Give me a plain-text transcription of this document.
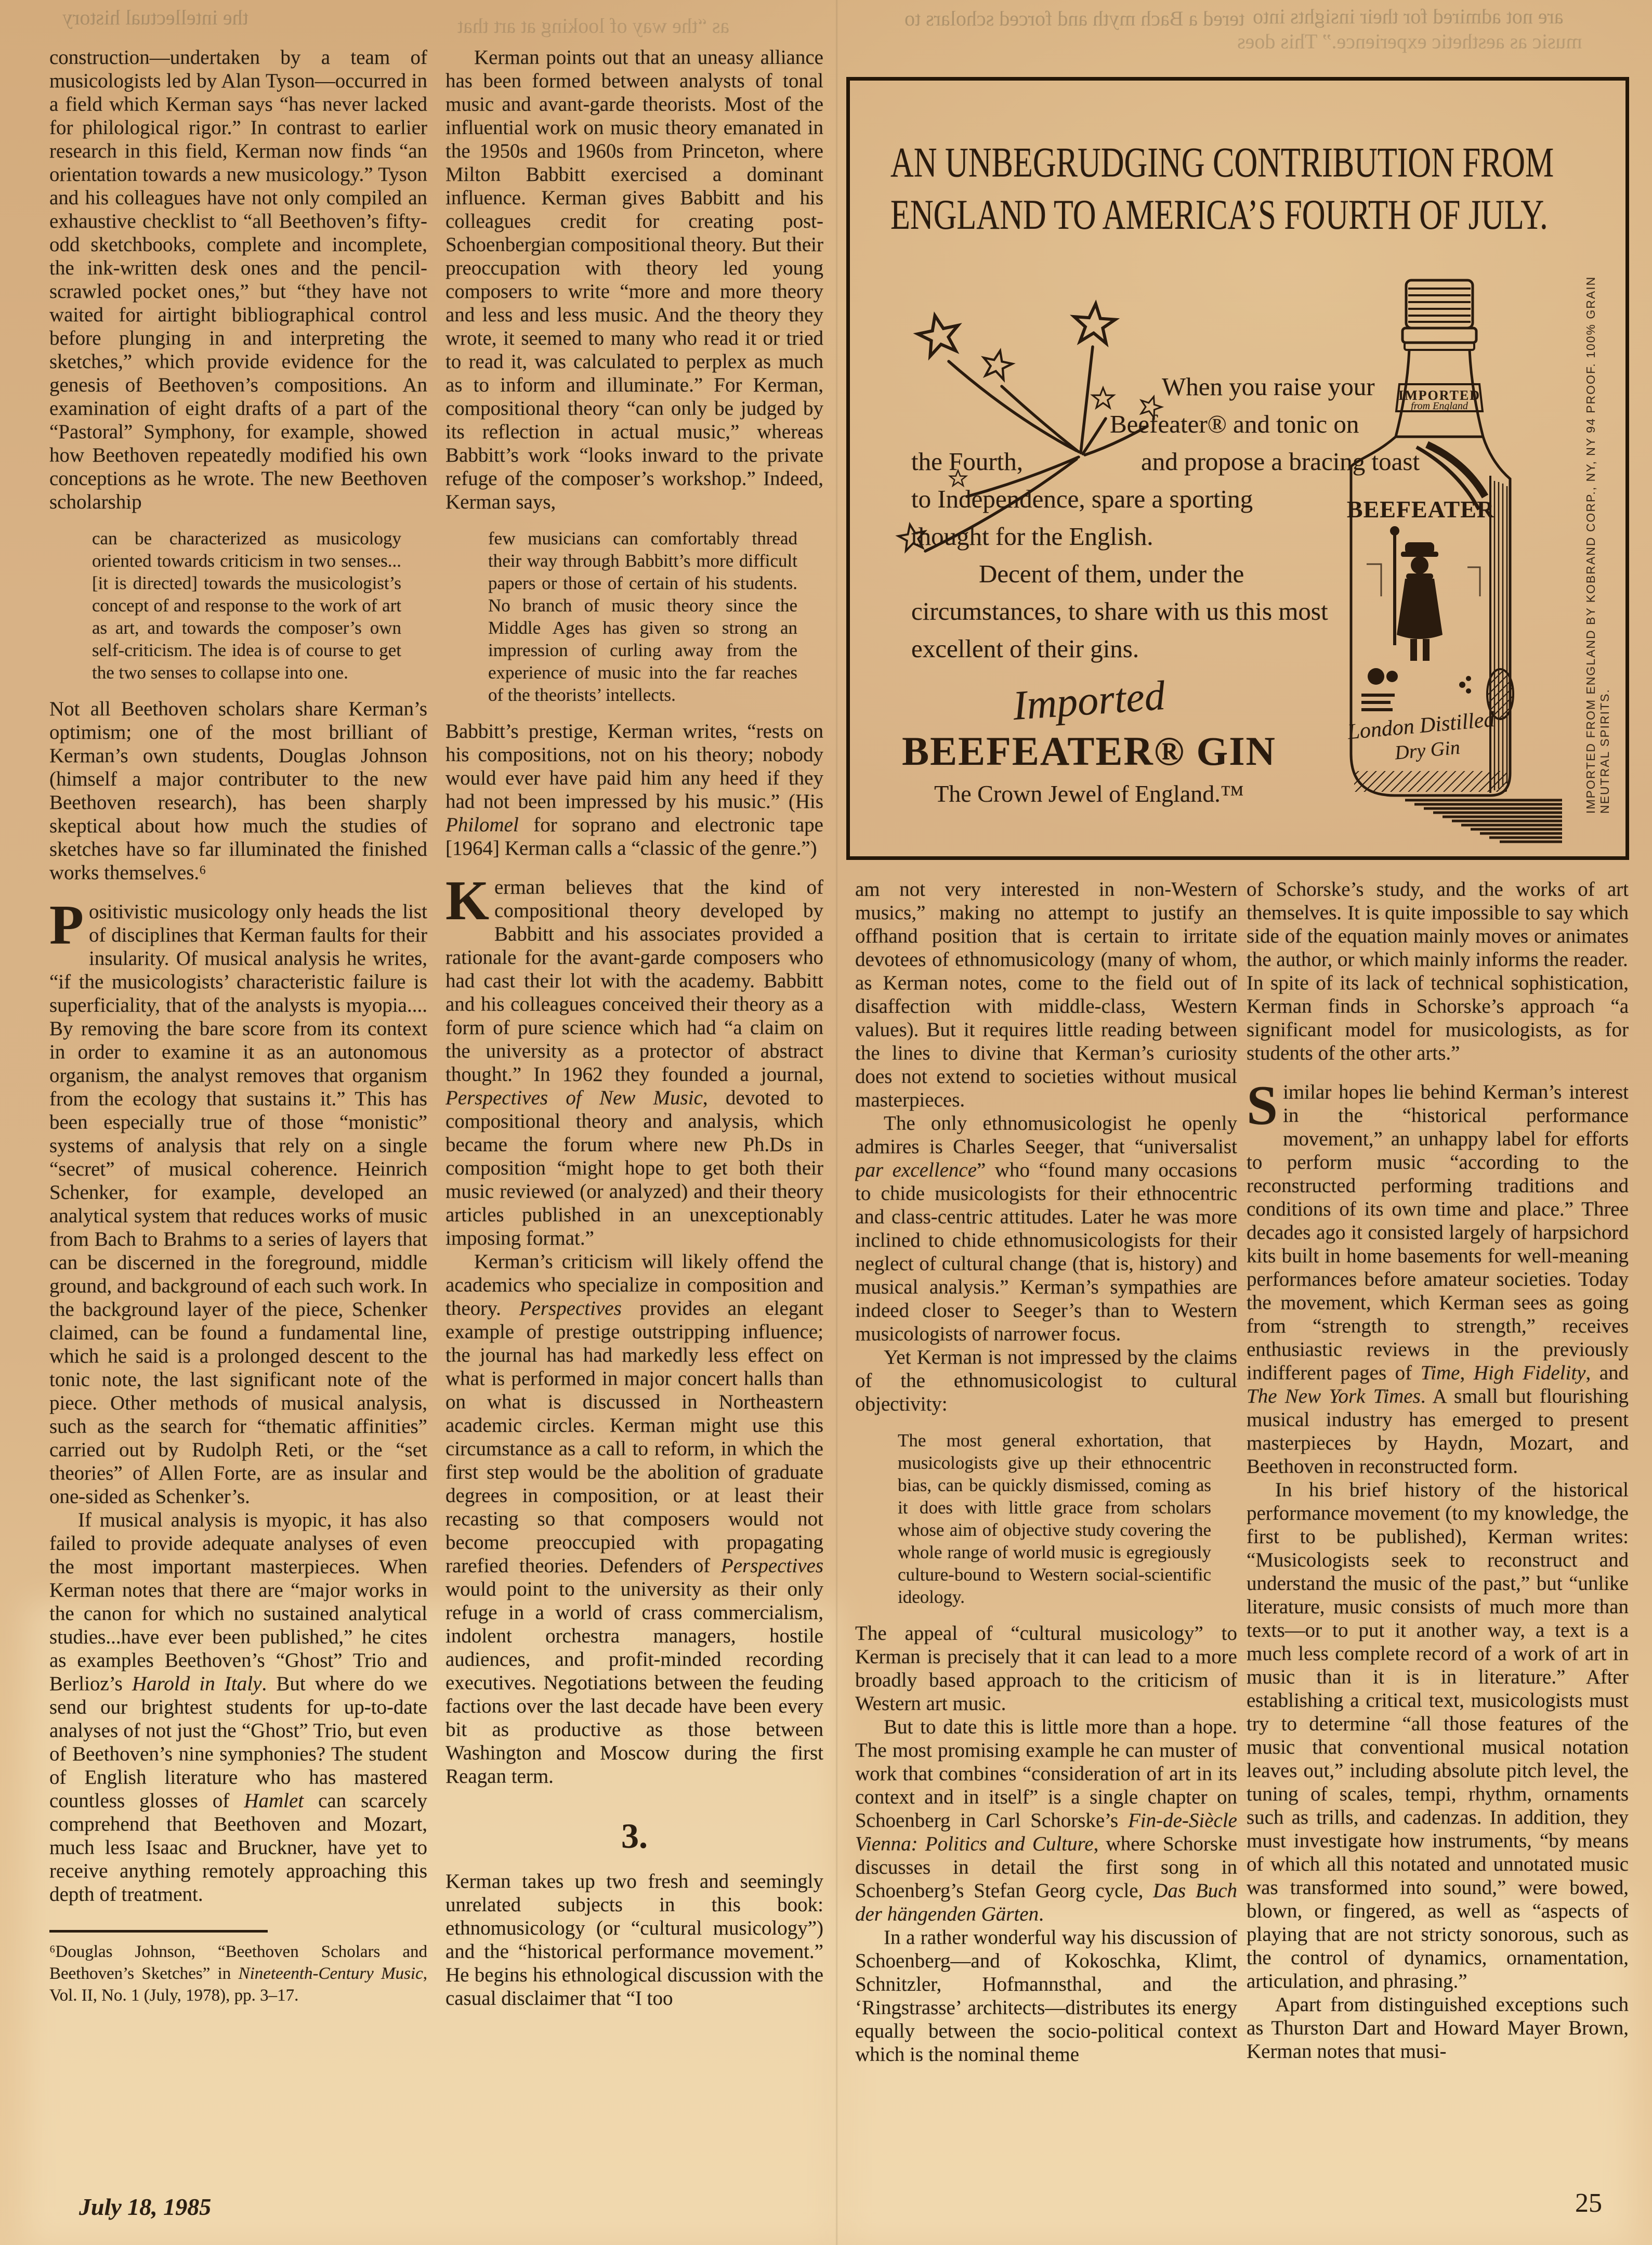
the intellectual history	as “the way of looking at art that	tered a Bach myth and forced scholars to are not admired for their insights into
music as aesthetic experience.” This does

construction—undertaken by a team of musicologists led by Alan Tyson—occurred in a field which Kerman says “has never lacked for philological rigor.” In contrast to earlier research in this field, Kerman now finds “an orientation towards a new musicology.” Tyson and his colleagues have not only compiled an exhaustive checklist to “all Beethoven’s fifty-odd sketchbooks, complete and incomplete, the ink-written desk ones and the pencil-scrawled pocket ones,” but “they have not waited for airtight bibliographical control before plunging in and interpreting the sketches,” which provide evidence for the genesis of Beethoven’s compositions. An examination of eight drafts of a part of the “Pastoral” Symphony, for example, showed how Beethoven repeatedly modified his own conceptions as he wrote. The new Beethoven scholarship

can be characterized as musicology oriented towards criticism in two senses...[it is directed] towards the musicologist’s concept of and response to the work of art as art, and towards the composer’s own self-criticism. The idea is of course to get the two senses to collapse into one.

Not all Beethoven scholars share Kerman’s optimism; one of the most brilliant of Kerman’s own students, Douglas Johnson (himself a major contributer to the new Beethoven research), has been sharply skeptical about how much the studies of sketches have so far illuminated the finished works themselves.⁶

Positivistic musicology only heads the list of disciplines that Kerman faults for their insularity. Of musical analysis he writes, “if the musicologists’ characteristic failure is superficiality, that of the analysts is myopia.... By removing the bare score from its context in order to examine it as an autonomous organism, the analyst removes that organism from the ecology that sustains it.” This has been especially true of those “monistic” systems of analysis that rely on a single “secret” of musical coherence. Heinrich Schenker, for example, developed an analytical system that reduces works of music from Bach to Brahms to a series of layers that can be discerned in the foreground, middle ground, and background of each such work. In the background layer of the piece, Schenker claimed, can be found a fundamental line, which he said is a prolonged descent to the tonic note, the last significant note of the piece. Other methods of musical analysis, such as the search for “thematic affinities” carried out by Rudolph Reti, or the “set theories” of Allen Forte, are as insular and one-sided as Schenker’s.

If musical analysis is myopic, it has also failed to provide adequate analyses of even the most important masterpieces. When Kerman notes that there are “major works in the canon for which no sustained analytical studies...have ever been published,” he cites as examples Beethoven’s “Ghost” Trio and Berlioz’s Harold in Italy. But where do we send our brightest students for up-to-date analyses of not just the “Ghost” Trio, but even of Beethoven’s nine symphonies? The student of English literature who has mastered countless glosses of Hamlet can scarcely comprehend that Beethoven and Mozart, much less Isaac and Bruckner, have yet to receive anything remotely approaching this depth of treatment.

⁶Douglas Johnson, “Beethoven Scholars and Beethoven’s Sketches” in Nineteenth-Century Music, Vol. II, No. 1 (July, 1978), pp. 3–17.

Kerman points out that an uneasy alliance has been formed between analysts of tonal music and avant-garde theorists. Most of the influential work on music theory emanated in the 1950s and 1960s from Princeton, where Milton Babbitt exercised a dominant influence. Kerman gives Babbitt and his colleagues credit for creating post-Schoenbergian compositional theory. But their preoccupation with theory led young composers to write “more and more theory and less and less music. And the theory they wrote, it seemed to many who read it or tried to read it, was calculated to perplex as much as to inform and illuminate.” For Kerman, compositional theory “can only be judged by its reflection in actual music,” whereas Babbitt’s work “looks inward to the private refuge of the composer’s workshop.” Indeed, Kerman says,

few musicians can comfortably thread their way through Babbitt’s more difficult papers or those of certain of his students. No branch of music theory since the Middle Ages has given so strong an impression of curling away from the experience of music into the far reaches of the theorists’ intellects.

Babbitt’s prestige, Kerman writes, “rests on his compositions, not on his theory; nobody would ever have paid him any heed if they had not been impressed by his music.” (His Philomel for soprano and electronic tape [1964] Kerman calls a “classic of the genre.”)

Kerman believes that the kind of compositional theory developed by Babbitt and his associates provided a rationale for the avant-garde composers who had cast their lot with the academy. Babbitt and his colleagues conceived their theory as a form of pure science which had “a claim on the university as a protector of abstract thought.” In 1962 they founded a journal, Perspectives of New Music, devoted to compositional theory and analysis, which became the forum where new Ph.Ds in composition “might hope to get both their music reviewed (or analyzed) and their theory articles published in an unexceptionably imposing format.”

Kerman’s criticism will likely offend the academics who specialize in composition and theory. Perspectives provides an elegant example of prestige outstripping influence; the journal has had markedly less effect on what is performed in major concert halls than on what is discussed in Northeastern academic circles. Kerman might use this circumstance as a call to reform, in which the first step would be the abolition of graduate degrees in composition, or at least their recasting so that composers would not become preoccupied with propagating rarefied theories. Defenders of Perspectives would point to the university as their only refuge in a world of crass commercialism, indolent orchestra managers, hostile audiences, and profit-minded recording executives. Negotiations between the feuding factions over the last decade have been every bit as productive as those between Washington and Moscow during the first Reagan term.

3.

Kerman takes up two fresh and seemingly unrelated subjects in this book: ethnomusicology (or “cultural musicology”) and the “historical performance movement.” He begins his ethnological discussion with the casual disclaimer that “I too

am not very interested in non-Western musics,” making no attempt to justify an offhand position that is certain to irritate devotees of ethnomusicology (many of whom, as Kerman notes, come to the field out of disaffection with middle-class, Western values). But it requires little reading between the lines to divine that Kerman’s curiosity does not extend to societies without musical masterpieces.

The only ethnomusicologist he openly admires is Charles Seeger, that “universalist par excellence” who “found many occasions to chide musicologists for their ethnocentric and class-centric attitudes. Later he was more inclined to chide ethnomusicologists for their neglect of cultural change (that is, history) and musical analysis.” Kerman’s sympathies are indeed closer to Seeger’s than to Western musicologists of narrower focus.

Yet Kerman is not impressed by the claims of the ethnomusicologist to cultural objectivity:

The most general exhortation, that musicologists give up their ethnocentric bias, can be quickly dismissed, coming as it does with little grace from scholars whose aim of objective study covering the whole range of world music is egregiously culture-bound to Western social-scientific ideology.

The appeal of “cultural musicology” to Kerman is precisely that it can lead to a more broadly based approach to the criticism of Western art music.

But to date this is little more than a hope. The most promising example he can muster of work that combines “consideration of art in its context and in itself” is a single chapter on Schoenberg in Carl Schorske’s Fin-de-Siècle Vienna: Politics and Culture, where Schorske discusses in detail the first song in Schoenberg’s Stefan Georg cycle, Das Buch der hängenden Gärten.

In a rather wonderful way his discussion of Schoenberg—and of Kokoschka, Klimt, Schnitzler, Hofmannsthal, and the ‘Ringstrasse’ architects—distributes its energy equally between the socio-political context which is the nominal theme

of Schorske’s study, and the works of art themselves. It is quite impossible to say which side of the equation mainly moves or animates the author, or which mainly informs the reader.

In spite of its lack of technical sophistication, Kerman finds in Schorske’s approach “a significant model for musicologists, as for students of the other arts.”

Similar hopes lie behind Kerman’s interest in the “historical performance movement,” an unhappy label for efforts to perform music “according to the reconstructed performing traditions and conditions of its own time and place.” Three decades ago it consisted largely of harpsichord kits built in home basements for well-meaning performances before amateur societies. Today the movement, which Kerman sees as going from “strength to strength,” receives enthusiastic reviews in the previously indifferent pages of Time, High Fidelity, and The New York Times. A small but flourishing musical industry has emerged to present masterpieces by Haydn, Mozart, and Beethoven in reconstructed form.

In his brief history of the historical performance movement (to my knowledge, the first to be published), Kerman writes: “Musicologists seek to reconstruct and understand the music of the past,” but “unlike literature, music consists of much more than texts—or to put it another way, a text is a much less complete record of a work of art in music than it is in literature.” After establishing a critical text, musicologists must try to determine “all those features of the music that conventional musical notation leaves out,” including absolute pitch level, the tuning of scales, tempi, rhythm, ornaments such as trills, and cadenzas. In addition, they must investigate how instruments, “by means of which all this notated and unnotated music was transformed into sound,” were bowed, blown, or fingered, as well as “aspects of playing that are not stricty sonorous, such as the control of dynamics, ornamentation, articulation, and phrasing.”

Apart from distinguished exceptions such as Thurston Dart and Howard Mayer Brown, Kerman notes that musi-

AN UNBEGRUDGING CONTRIBUTION FROM ENGLAND TO AMERICA’S FOURTH OF JULY.
When you raise your
Beefeater® and tonic on
the Fourth,	and propose a bracing toast
to Independence, spare a sporting
thought for the English.
Decent of them, under the
circumstances, to share with us this most
excellent of their gins.
Imported
BEEFEATER® GIN
The Crown Jewel of England.™	IMPORTED FROM ENGLAND BY KOBRAND CORP., NY, NY 94 PROOF. 100% GRAIN NEUTRAL SPIRITS.
IMPORTED
from England
BEEFEATER
London Distilled
Dry Gin
July 18, 1985	25
